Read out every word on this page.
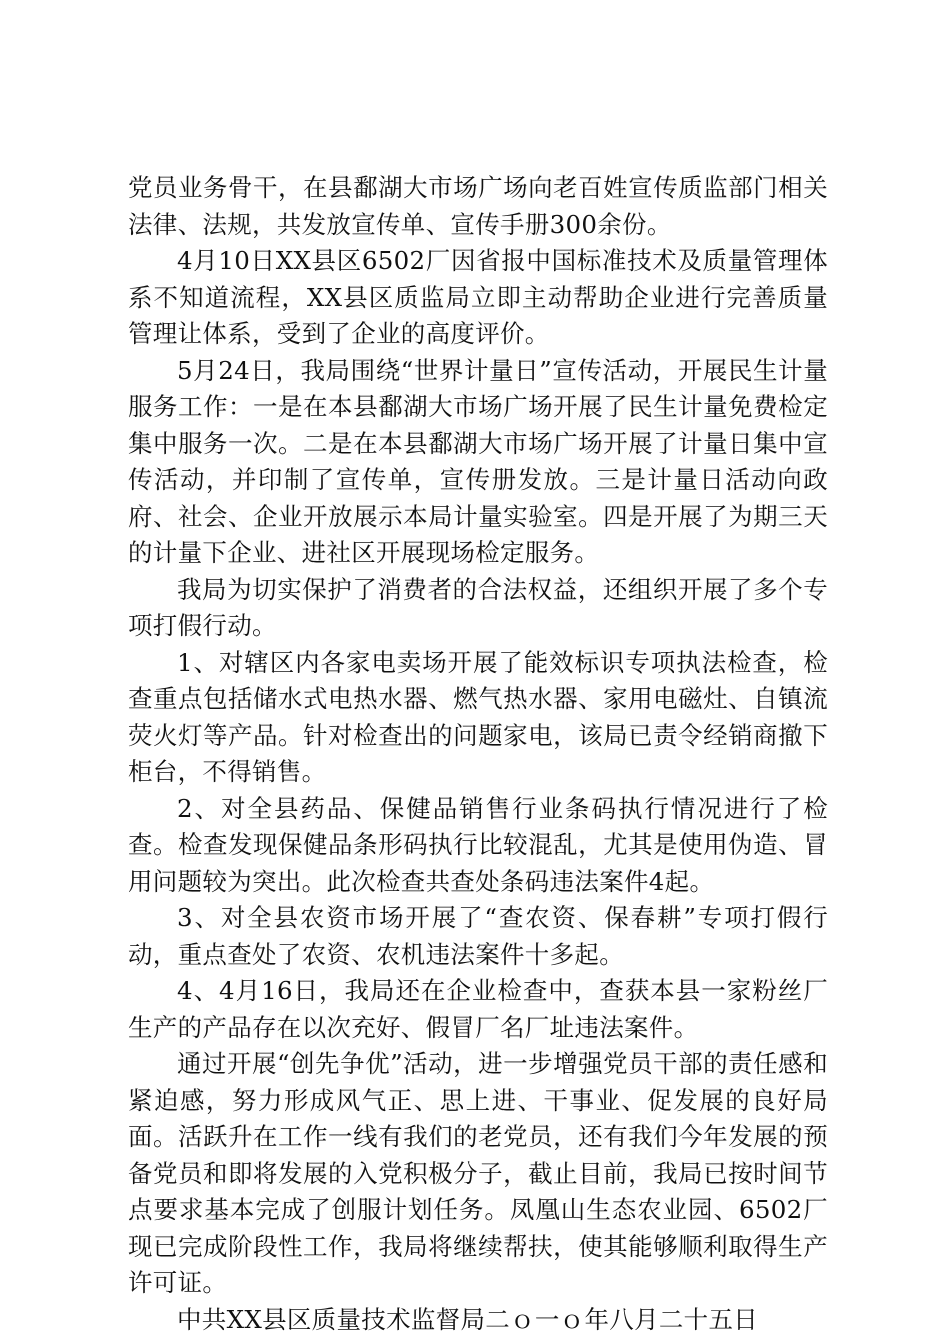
党员业务骨干，在县鄱湖大市场广场向老百姓宣传质监部门相关法律、法规，共发放宣传单、宣传手册300余份。

4月10日XX县区6502厂因省报中国标准技术及质量管理体系不知道流程，XX县区质监局立即主动帮助企业进行完善质量管理让体系，受到了企业的高度评价。

5月24日，我局围绕“世界计量日”宣传活动，开展民生计量服务工作：一是在本县鄱湖大市场广场开展了民生计量免费检定集中服务一次。二是在本县鄱湖大市场广场开展了计量日集中宣传活动，并印制了宣传单，宣传册发放。三是计量日活动向政府、社会、企业开放展示本局计量实验室。四是开展了为期三天的计量下企业、进社区开展现场检定服务。

我局为切实保护了消费者的合法权益，还组织开展了多个专项打假行动。

1、对辖区内各家电卖场开展了能效标识专项执法检查，检查重点包括储水式电热水器、燃气热水器、家用电磁灶、自镇流荧火灯等产品。针对检查出的问题家电，该局已责令经销商撤下柜台，不得销售。

2、对全县药品、保健品销售行业条码执行情况进行了检查。检查发现保健品条形码执行比较混乱，尤其是使用伪造、冒用问题较为突出。此次检查共查处条码违法案件4起。

3、对全县农资市场开展了“查农资、保春耕”专项打假行动，重点查处了农资、农机违法案件十多起。

4、4月16日，我局还在企业检查中，查获本县一家粉丝厂生产的产品存在以次充好、假冒厂名厂址违法案件。

通过开展“创先争优”活动，进一步增强党员干部的责任感和紧迫感，努力形成风气正、思上进、干事业、促发展的良好局面。活跃升在工作一线有我们的老党员，还有我们今年发展的预备党员和即将发展的入党积极分子，截止目前，我局已按时间节点要求基本完成了创服计划任务。凤凰山生态农业园、6502厂现已完成阶段性工作，我局将继续帮扶，使其能够顺利取得生产许可证。

中共XX县区质量技术监督局二ｏ一ｏ年八月二十五日
